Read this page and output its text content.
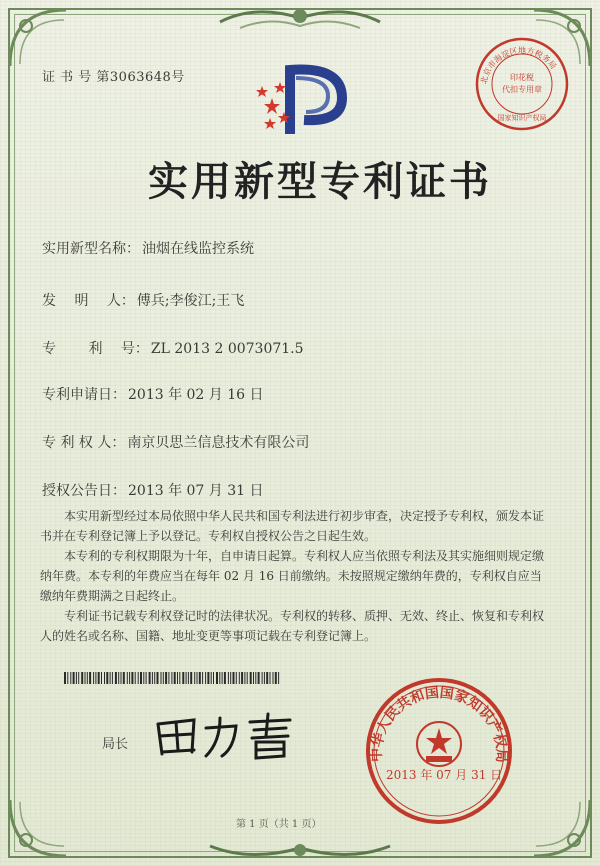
证 书 号 第3063648号	北京市海淀区地方税务局
印花税
代扣专用章
国家知识产权局
实用新型专利证书
实用新型名称： 油烟在线监控系统
发　 明　 人： 傅兵;李俊江;王飞
专　　 利　 号： ZL 2013 2 0073071.5
专利申请日： 2013 年 02 月 16 日
专 利 权 人： 南京贝思兰信息技术有限公司
授权公告日： 2013 年 07 月 31 日

本实用新型经过本局依照中华人民共和国专利法进行初步审查，决定授予专利权，颁发本证书并在专利登记簿上予以登记。专利权自授权公告之日起生效。

本专利的专利权期限为十年，自申请日起算。专利权人应当依照专利法及其实施细则规定缴纳年费。本专利的年费应当在每年 02 月 16 日前缴纳。未按照规定缴纳年费的，专利权自应当缴纳年费期满之日起终止。

专利证书记载专利权登记时的法律状况。专利权的转移、质押、无效、终止、恢复和专利权人的姓名或名称、国籍、地址变更等事项记载在专利登记簿上。

局长
中华人民共和国国家知识产权局
2013 年 07 月 31 日
第 1 页（共 1 页）
